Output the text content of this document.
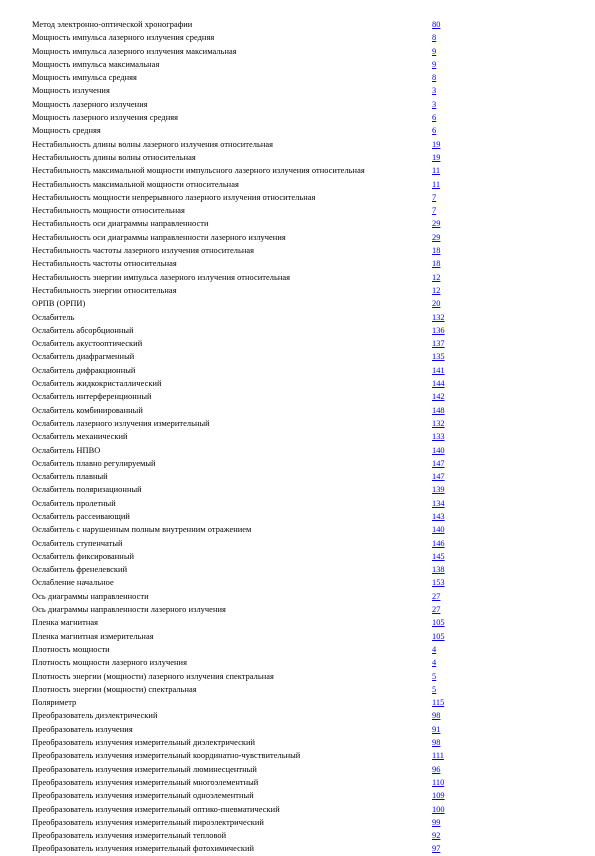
Метод электронно-оптической хронографии	80
Мощность импульса лазерного излучения средняя	8
Мощность импульса лазерного излучения максимальная	9
Мощность импульса максимальная	9
Мощность импульса средняя	8
Мощность излучения	3
Мощность лазерного излучения	3
Мощность лазерного излучения средняя	6
Мощность средняя	6
Нестабильность длины волны лазерного излучения относительная	19
Нестабильность длины волны относительная	19
Нестабильность максимальной мощности импульсного лазерного излучения относительная	11
Нестабильность максимальной мощности относительная	11
Нестабильность мощности непрерывного лазерного излучения относительная	7
Нестабильность мощности относительная	7
Нестабильность оси диаграммы направленности	29
Нестабильность оси диаграммы направленности лазерного излучения	29
Нестабильность частоты лазерного излучения относительная	18
Нестабильность частоты относительная	18
Нестабильность энергии импульса лазерного излучения относительная	12
Нестабильность энергии относительная	12
ОРПВ (ОРПИ)	20
Ослабитель	132
Ослабитель абсорбционный	136
Ослабитель акустооптический	137
Ослабитель диафрагменный	135
Ослабитель дифракционный	141
Ослабитель жидкокристаллический	144
Ослабитель интерференционный	142
Ослабитель комбинированный	148
Ослабитель лазерного излучения измерительный	132
Ослабитель механический	133
Ослабитель НПВО	140
Ослабитель плавно регулируемый	147
Ослабитель плавный	147
Ослабитель поляризационный	139
Ослабитель пролетный	134
Ослабитель рассеивающий	143
Ослабитель с нарушенным полным внутренним отражением	140
Ослабитель ступенчатый	146
Ослабитель фиксированный	145
Ослабитель френелевский	138
Ослабление начальное	153
Ось диаграммы направленности	27
Ось диаграммы направленности лазерного излучения	27
Пленка магнитная	105
Пленка магнитная измерительная	105
Плотность мощности	4
Плотность мощности лазерного излучения	4
Плотность энергии (мощности) лазерного излучения спектральная	5
Плотность энергии (мощности) спектральная	5
Поляриметр	115
Преобразователь диэлектрический	98
Преобразователь излучения	91
Преобразователь излучения измерительный диэлектрический	98
Преобразователь излучения измерительный координатно-чувствительный	111
Преобразователь излучения измерительный люминесцентный	96
Преобразователь излучения измерительный многоэлементный	110
Преобразователь излучения измерительный одноэлементный	109
Преобразователь излучения измерительный оптико-пневматический	100
Преобразователь излучения измерительный пироэлектрический	99
Преобразователь излучения измерительный тепловой	92
Преобразователь излучения измерительный фотохимический	97
